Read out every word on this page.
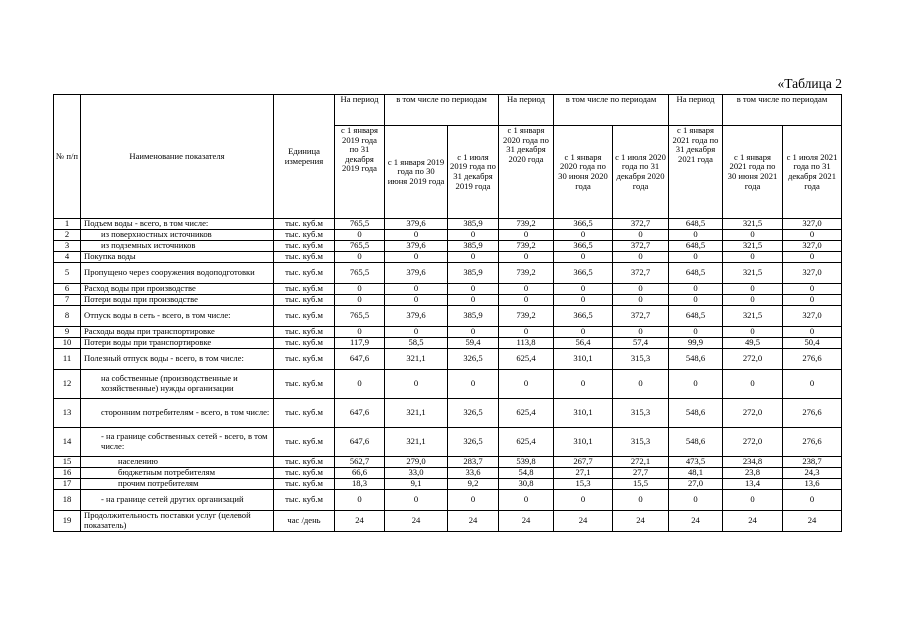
«Таблица 2
№ п/п	Наименование показателя	Единица измерения	На период	в том числе по периодам		На период	в том числе по периодам		На период	в том числе по периодам	
			с 1 января 2019 года по 31 декабря 2019 года	с 1 января 2019 года по 30 июня 2019 года	с 1 июля 2019 года по 31 декабря 2019 года	с 1 января 2020 года по 31 декабря 2020 года	с 1 января 2020 года по 30 июня 2020 года	с 1 июля 2020 года по 31 декабря 2020 года	с 1 января 2021 года по 31 декабря 2021 года	с 1 января 2021 года по 30 июня 2021 года	с 1 июля 2021 года по 31 декабря 2021 года
1	Подъем воды - всего, в том числе:	тыс. куб.м	765,5	379,6	385,9	739,2	366,5	372,7	648,5	321,5	327,0
2	из поверхностных источников	тыс. куб.м	0	0	0	0	0	0	0	0	0
3	из подземных источников	тыс. куб.м	765,5	379,6	385,9	739,2	366,5	372,7	648,5	321,5	327,0
4	Покупка воды	тыс. куб.м	0	0	0	0	0	0	0	0	0
5	Пропущено через сооружения водоподготовки	тыс. куб.м	765,5	379,6	385,9	739,2	366,5	372,7	648,5	321,5	327,0
6	Расход воды при производстве	тыс. куб.м	0	0	0	0	0	0	0	0	0
7	Потери воды при производстве	тыс. куб.м	0	0	0	0	0	0	0	0	0
8	Отпуск воды в сеть - всего, в том числе:	тыс. куб.м	765,5	379,6	385,9	739,2	366,5	372,7	648,5	321,5	327,0
9	Расходы воды при транспортировке	тыс. куб.м	0	0	0	0	0	0	0	0	0
10	Потери воды при транспортировке	тыс. куб.м	117,9	58,5	59,4	113,8	56,4	57,4	99,9	49,5	50,4
11	Полезный отпуск воды - всего, в том числе:	тыс. куб.м	647,6	321,1	326,5	625,4	310,1	315,3	548,6	272,0	276,6
12	на собственные (производственные и хозяйственные) нужды организации	тыс. куб.м	0	0	0	0	0	0	0	0	0
13	сторонним потребителям - всего, в том числе:	тыс. куб.м	647,6	321,1	326,5	625,4	310,1	315,3	548,6	272,0	276,6
14	- на границе собственных сетей - всего, в том числе:	тыс. куб.м	647,6	321,1	326,5	625,4	310,1	315,3	548,6	272,0	276,6
15	населению	тыс. куб.м	562,7	279,0	283,7	539,8	267,7	272,1	473,5	234,8	238,7
16	бюджетным потребителям	тыс. куб.м	66,6	33,0	33,6	54,8	27,1	27,7	48,1	23,8	24,3
17	прочим потребителям	тыс. куб.м	18,3	9,1	9,2	30,8	15,3	15,5	27,0	13,4	13,6
18	- на границе сетей других организаций	тыс. куб.м	0	0	0	0	0	0	0	0	0
19	Продолжительность поставки услуг (целевой показатель)	час /день	24	24	24	24	24	24	24	24	24
